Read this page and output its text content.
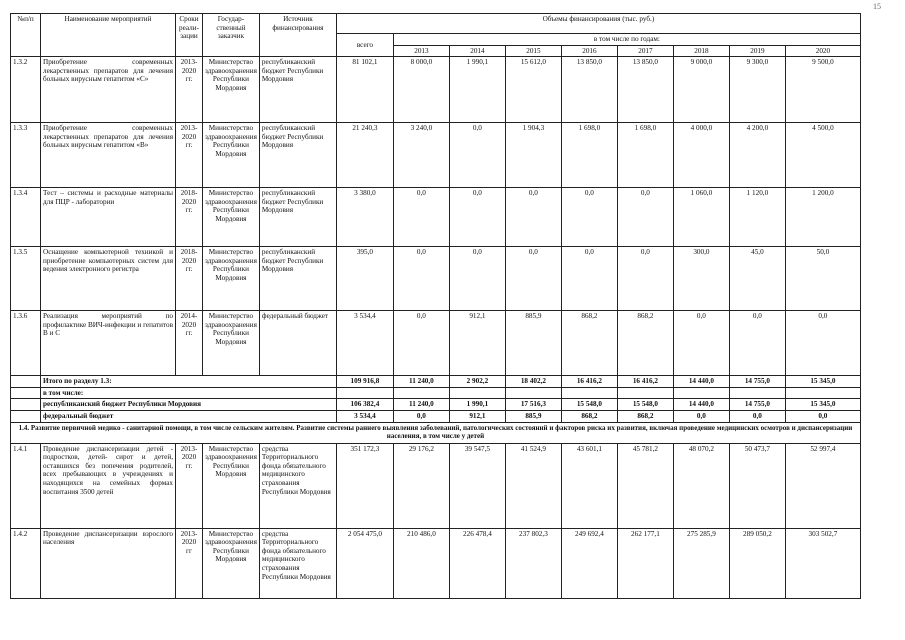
15
№п/п	Наименование мероприятий	Сроки реали-зации	Государ-ственный заказчик	Источник финансирования	Объемы финансирования (тыс. руб.)								
					всего	в том числе по годам:							
						2013	2014	2015	2016	2017	2018	2019	2020
1.3.2	Приобретение современных лекарственных препаратов для лечения больных вирусным гепатитом «С»	2013-2020 гг.	Министерство здравоохранения Республики Мордовия	республиканский бюджет Республики Мордовия	81 102,1	8 000,0	1 990,1	15 612,0	13 850,0	13 850,0	9 000,0	9 300,0	9 500,0
1.3.3	Приобретение современных лекарственных препаратов для лечения больных вирусным гепатитом «В»	2013-2020 гг.	Министерство здравоохранения Республики Мордовия	республиканский бюджет Республики Мордовия	21 240,3	3 240,0	0,0	1 904,3	1 698,0	1 698,0	4 000,0	4 200,0	4 500,0
1.3.4	Тест – системы и расходные материалы для ПЦР - лаборатории	2018-2020 гг.	Министерство здравоохранения Республики Мордовия	республиканский бюджет Республики Мордовия	3 380,0	0,0	0,0	0,0	0,0	0,0	1 060,0	1 120,0	1 200,0
1.3.5	Оснащение компьютерной техникой и приобретение компьютерных систем для ведения электронного регистра	2018-2020 гг.	Министерство здравоохранения Республики Мордовия	республиканский бюджет Республики Мордовия	395,0	0,0	0,0	0,0	0,0	0,0	300,0	45,0	50,0
1.3.6	Реализация мероприятий по профилактике ВИЧ-инфекции и гепатитов В и С	2014-2020 гг.	Министерство здравоохранения Республики Мордовия	федеральный бюджет	3 534,4	0,0	912,1	885,9	868,2	868,2	0,0	0,0	0,0
	Итого по разделу 1.3:				109 916,8	11 240,0	2 902,2	18 402,2	16 416,2	16 416,2	14 440,0	14 755,0	15 345,0
	в том числе:												
	республиканский бюджет Республики Мордовия				106 382,4	11 240,0	1 990,1	17 516,3	15 548,0	15 548,0	14 440,0	14 755,0	15 345,0
	федеральный бюджет				3 534,4	0,0	912,1	885,9	868,2	868,2	0,0	0,0	0,0
1.4. Развитие первичной медико - санитарной помощи, в том числе сельским жителям. Развитие системы раннего выявления заболеваний, патологических состояний и факторов риска их развития, включая проведение медицинских осмотров и диспансеризации населения, в том числе у детей													
1.4.1	Проведение диспансеризации детей - подростков, детей- сирот и детей, оставшихся без попечения родителей, всех пребывающих в учреждениях и находящихся на семейных формах воспитания 3500 детей	2013-2020 гг.	Министерство здравоохранения Республики Мордовия	средства Территориального фонда обязательного медицинского страхования Республики Мордовия	351 172,3	29 176,2	39 547,5	41 524,9	43 601,1	45 781,2	48 070,2	50 473,7	52 997,4
1.4.2	Проведение диспансеризации взрослого населения	2013-2020 гг	Министерство здравоохранения Республики Мордовия	средства Территориального фонда обязательного медицинского страхования Республики Мордовия	2 054 475,0	210 486,0	226 478,4	237 802,3	249 692,4	262 177,1	275 285,9	289 050,2	303 502,7
